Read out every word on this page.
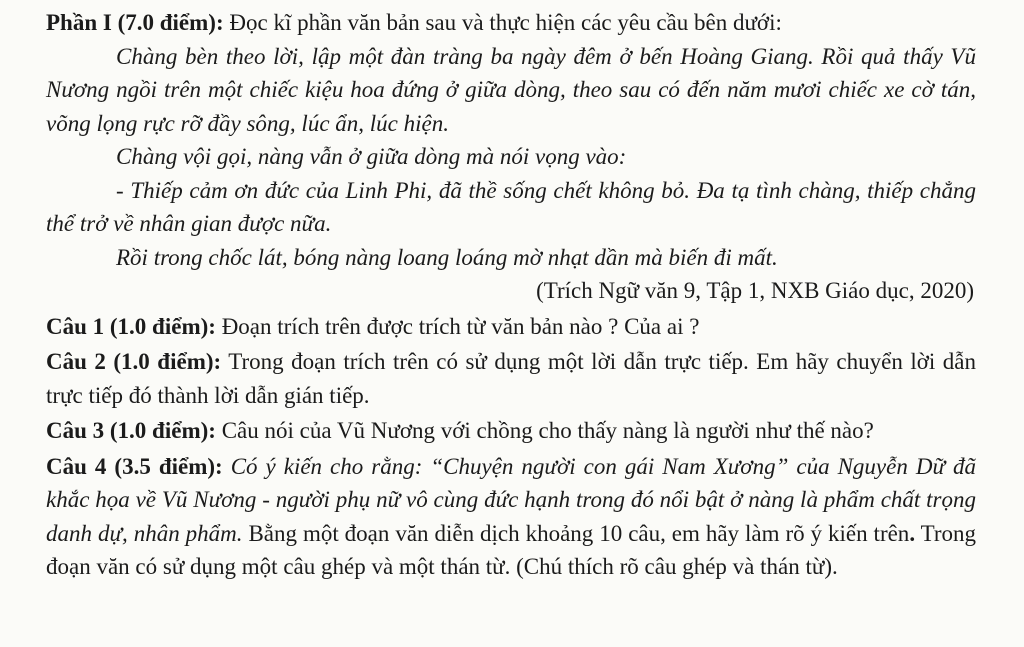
Phần I (7.0 điểm): Đọc kĩ phần văn bản sau và thực hiện các yêu cầu bên dưới:

Chàng bèn theo lời, lập một đàn tràng ba ngày đêm ở bến Hoàng Giang. Rồi quả thấy Vũ Nương ngồi trên một chiếc kiệu hoa đứng ở giữa dòng, theo sau có đến năm mươi chiếc xe cờ tán, võng lọng rực rỡ đầy sông, lúc ẩn, lúc hiện.

Chàng vội gọi, nàng vẫn ở giữa dòng mà nói vọng vào:

- Thiếp cảm ơn đức của Linh Phi, đã thề sống chết không bỏ. Đa tạ tình chàng, thiếp chẳng thể trở về nhân gian được nữa.

Rồi trong chốc lát, bóng nàng loang loáng mờ nhạt dần mà biến đi mất.

(Trích Ngữ văn 9, Tập 1, NXB Giáo dục, 2020)

Câu 1 (1.0 điểm): Đoạn trích trên được trích từ văn bản nào ? Của ai ?

Câu 2 (1.0 điểm): Trong đoạn trích trên có sử dụng một lời dẫn trực tiếp. Em hãy chuyển lời dẫn trực tiếp đó thành lời dẫn gián tiếp.

Câu 3 (1.0 điểm): Câu nói của Vũ Nương với chồng cho thấy nàng là người như thế nào?

Câu 4 (3.5 điểm): Có ý kiến cho rằng: “Chuyện người con gái Nam Xương” của Nguyễn Dữ đã khắc họa về Vũ Nương - người phụ nữ vô cùng đức hạnh trong đó nổi bật ở nàng là phẩm chất trọng danh dự, nhân phẩm. Bằng một đoạn văn diễn dịch khoảng 10 câu, em hãy làm rõ ý kiến trên. Trong đoạn văn có sử dụng một câu ghép và một thán từ. (Chú thích rõ câu ghép và thán từ).
